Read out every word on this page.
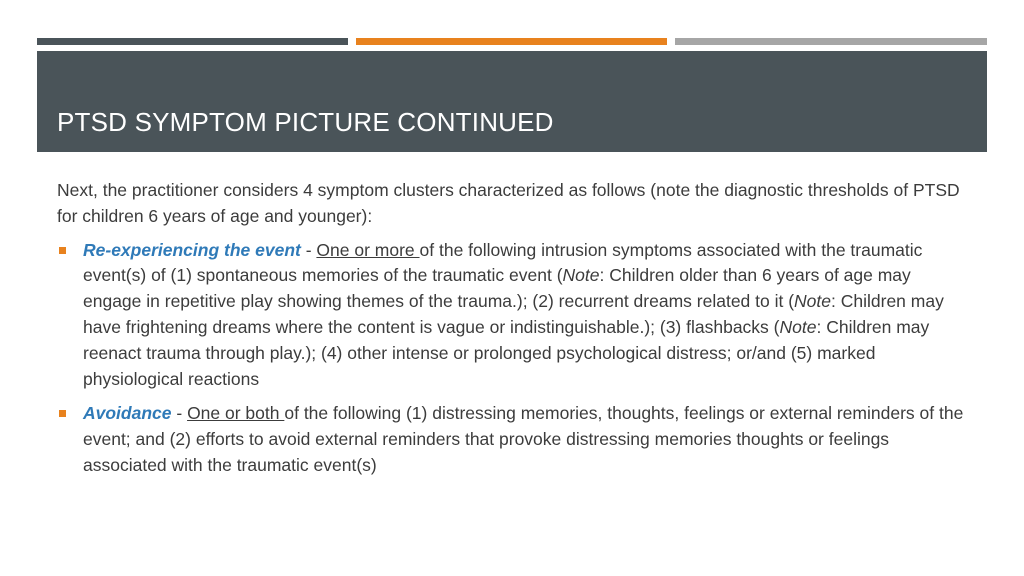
PTSD SYMPTOM PICTURE CONTINUED

Next, the practitioner considers 4 symptom clusters characterized as follows (note the diagnostic thresholds of PTSD for children 6 years of age and younger):

Re-experiencing the event - One or more of the following intrusion symptoms associated with the traumatic event(s) of (1) spontaneous memories of the traumatic event (Note: Children older than 6 years of age may engage in repetitive play showing themes of the trauma.); (2) recurrent dreams related to it (Note: Children may have frightening dreams where the content is vague or indistinguishable.); (3) flashbacks (Note: Children may reenact trauma through play.); (4) other intense or prolonged psychological distress; or/and (5) marked physiological reactions
Avoidance - One or both of the following (1) distressing memories, thoughts, feelings or external reminders of the event; and (2) efforts to avoid external reminders that provoke distressing memories thoughts or feelings associated with the traumatic event(s)
